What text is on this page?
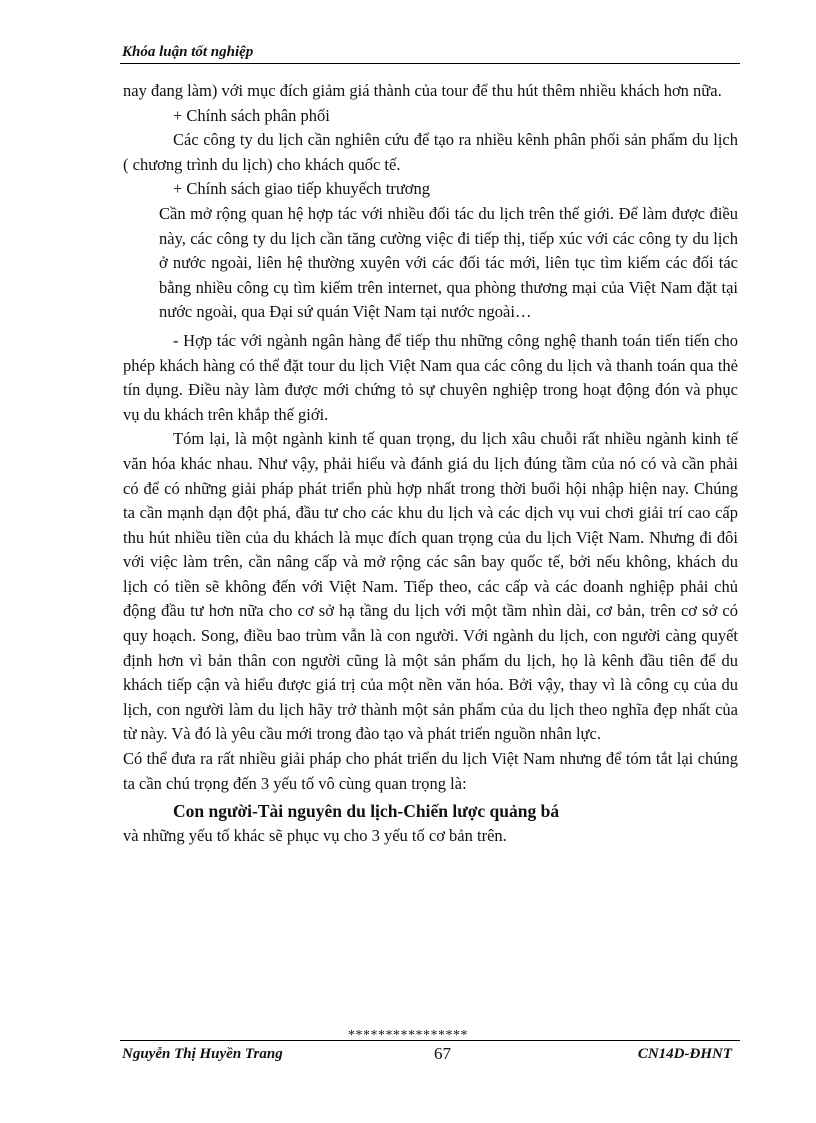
Khóa luận tốt nghiệp

nay đang làm) với mục đích giảm giá thành của tour để thu hút thêm nhiều khách hơn nữa.

+ Chính sách phân phối

Các công ty du lịch cần nghiên cứu để tạo ra nhiều kênh phân phối sản phẩm du lịch ( chương trình du lịch) cho khách quốc tế.

+ Chính sách giao tiếp khuyếch trương

Cần mở rộng quan hệ hợp tác với nhiều đối tác du lịch trên thế giới. Để làm được điều này, các công ty du lịch cần tăng cường việc đi tiếp thị, tiếp xúc với các công ty du lịch ở nước ngoài, liên hệ thường xuyên với các đối tác mới, liên tục tìm kiếm các đối tác bằng nhiều công cụ tìm kiếm trên internet, qua phòng thương mại của Việt Nam đặt tại nước ngoài, qua Đại sứ quán Việt Nam tại nước ngoài…

- Hợp tác với ngành ngân hàng để tiếp thu những công nghệ thanh toán tiến tiến cho phép khách hàng có thể đặt tour du lịch Việt Nam qua các công du lịch và thanh toán qua thẻ tín dụng. Điều này làm được mới chứng tỏ sự chuyên nghiệp trong hoạt động đón và phục vụ du khách trên khắp thế giới.

Tóm lại, là một ngành kinh tế quan trọng, du lịch xâu chuỗi rất nhiều ngành kinh tế văn hóa khác nhau. Như vậy, phải hiểu và đánh giá du lịch đúng tầm của nó có và cần phải có để có những giải pháp phát triển phù hợp nhất trong thời buổi hội nhập hiện nay. Chúng ta cần mạnh dạn đột phá, đầu tư cho các khu du lịch và các dịch vụ vui chơi giải trí cao cấp thu hút nhiều tiền của du khách là mục đích quan trọng của du lịch Việt Nam. Nhưng đi đôi với việc làm trên, cần nâng cấp và mở rộng các sân bay quốc tế, bởi nếu không, khách du lịch có tiền sẽ không đến với Việt Nam. Tiếp theo, các cấp và các doanh nghiệp phải chủ động đầu tư hơn nữa cho cơ sở hạ tầng du lịch với một tầm nhìn dài, cơ bản, trên cơ sở có quy hoạch. Song, điều bao trùm vẫn là con người. Với ngành du lịch, con người càng quyết định hơn vì bản thân con người cũng là một sản phẩm du lịch, họ là kênh đầu tiên để du khách tiếp cận và hiểu được giá trị của một nền văn hóa. Bởi vậy, thay vì là công cụ của du lịch, con người làm du lịch hãy trở thành một sản phẩm của du lịch theo nghĩa đẹp nhất của từ này. Và đó là yêu cầu mới trong đào tạo và phát triển nguồn nhân lực.

Có thể đưa ra rất nhiều giải pháp cho phát triển du lịch Việt Nam nhưng để tóm tắt lại chúng ta cần chú trọng đến 3 yếu tố vô cùng quan trọng là:

Con người-Tài nguyên du lịch-Chiến lược quảng bá

và những yếu tố khác sẽ phục vụ cho 3 yếu tố cơ bản trên.

****************
Nguyễn Thị Huyền Trang	67	CN14D-ĐHNT
